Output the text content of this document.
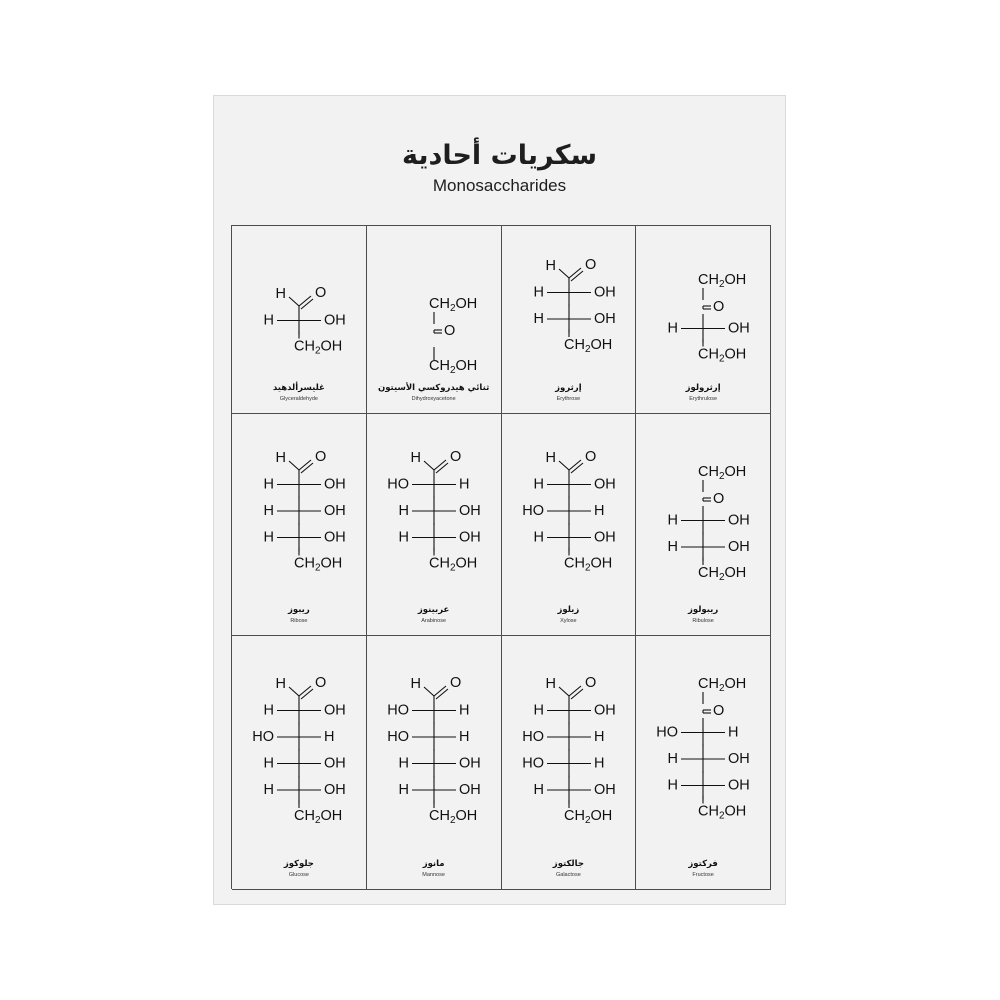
سكريات أحادية
Monosaccharides
H O
H	OH
$CH_2OH$
غليسرألدهيد
Glyceraldehyde
$CH_2OH$
O
$CH_2OH$
ثنائي هيدروكسي الأسيتون
Dihydroxyacetone
H O
H	OH
H	OH
$CH_2OH$
إرثروز
Erythrose
$CH_2OH$
O
H	OH
$CH_2OH$
إرثرولوز
Erythrulose
H O
H	OH
H	OH
H	OH
$CH_2OH$
ريبوز
Ribose
H O
HO	H
H	OH
H	OH
$CH_2OH$
عربينوز
Arabinose
H O
H	OH
HO	H
H	OH
$CH_2OH$
زيلوز
Xylose
$CH_2OH$
O
H	OH
H	OH
$CH_2OH$
ريبولوز
Ribulose
H O
H	OH
HO	H
H	OH
H	OH
$CH_2OH$
جلوكوز
Glucose
H O
HO	H
HO	H
H	OH
H	OH
$CH_2OH$
مانوز
Mannose
H O
H	OH
HO	H
HO	H
H	OH
$CH_2OH$
جالكتوز
Galactose
$CH_2OH$
O
HO	H
H	OH
H	OH
$CH_2OH$
فركتوز
Fructose
